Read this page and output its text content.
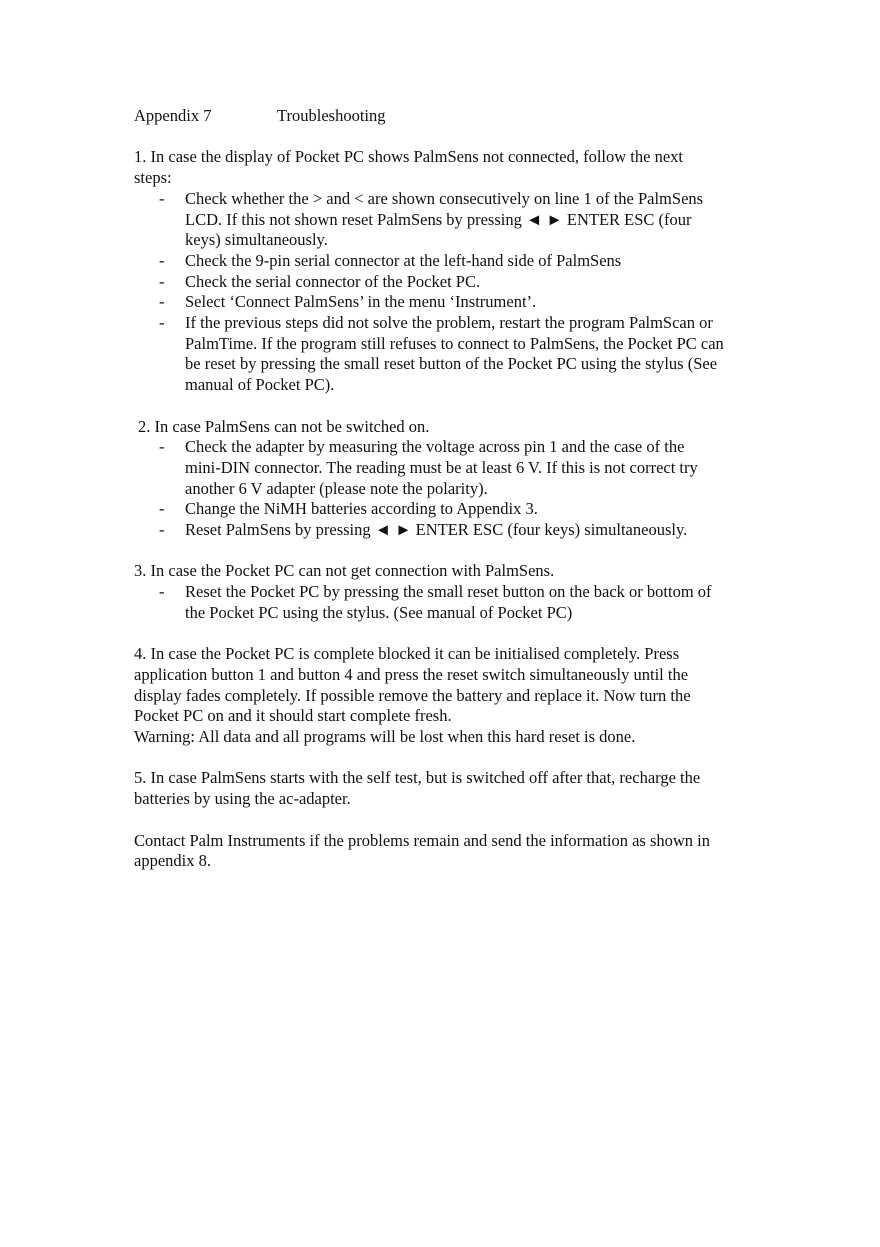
Appendix 7	Troubleshooting

1. In case the display of Pocket PC shows PalmSens not connected, follow the next steps:

- Check whether the > and < are shown consecutively on line 1 of the PalmSens LCD. If this not shown reset PalmSens by pressing ◄ ► ENTER ESC (four keys) simultaneously.
- Check the 9-pin serial connector at the left-hand side of PalmSens
- Check the serial connector of the Pocket PC.
- Select ‘Connect PalmSens’ in the menu ‘Instrument’.
- If the previous steps did not solve the problem, restart the program PalmScan or PalmTime. If the program still refuses to connect to PalmSens, the Pocket PC can be reset by pressing the small reset button of the Pocket PC using the stylus (See manual of Pocket PC).

2. In case PalmSens can not be switched on.

- Check the adapter by measuring the voltage across pin 1 and the case of the mini-DIN connector. The reading must be at least 6 V. If this is not correct try another 6 V adapter (please note the polarity).
- Change the NiMH batteries according to Appendix 3.
- Reset PalmSens by pressing ◄ ► ENTER ESC (four keys) simultaneously.

3. In case the Pocket PC can not get connection with PalmSens.

- Reset the Pocket PC by pressing the small reset button on the back or bottom of the Pocket PC using the stylus. (See manual of Pocket PC)

4. In case the Pocket PC is complete blocked it can be initialised completely. Press application button 1 and button 4 and press the reset switch simultaneously until the display fades completely. If possible remove the battery and replace it. Now turn the Pocket PC on and it should start complete fresh.

Warning: All data and all programs will be lost when this hard reset is done.

5. In case PalmSens starts with the self test, but is switched off after that, recharge the batteries by using the ac-adapter.

Contact Palm Instruments if the problems remain and send the information as shown in appendix 8.
